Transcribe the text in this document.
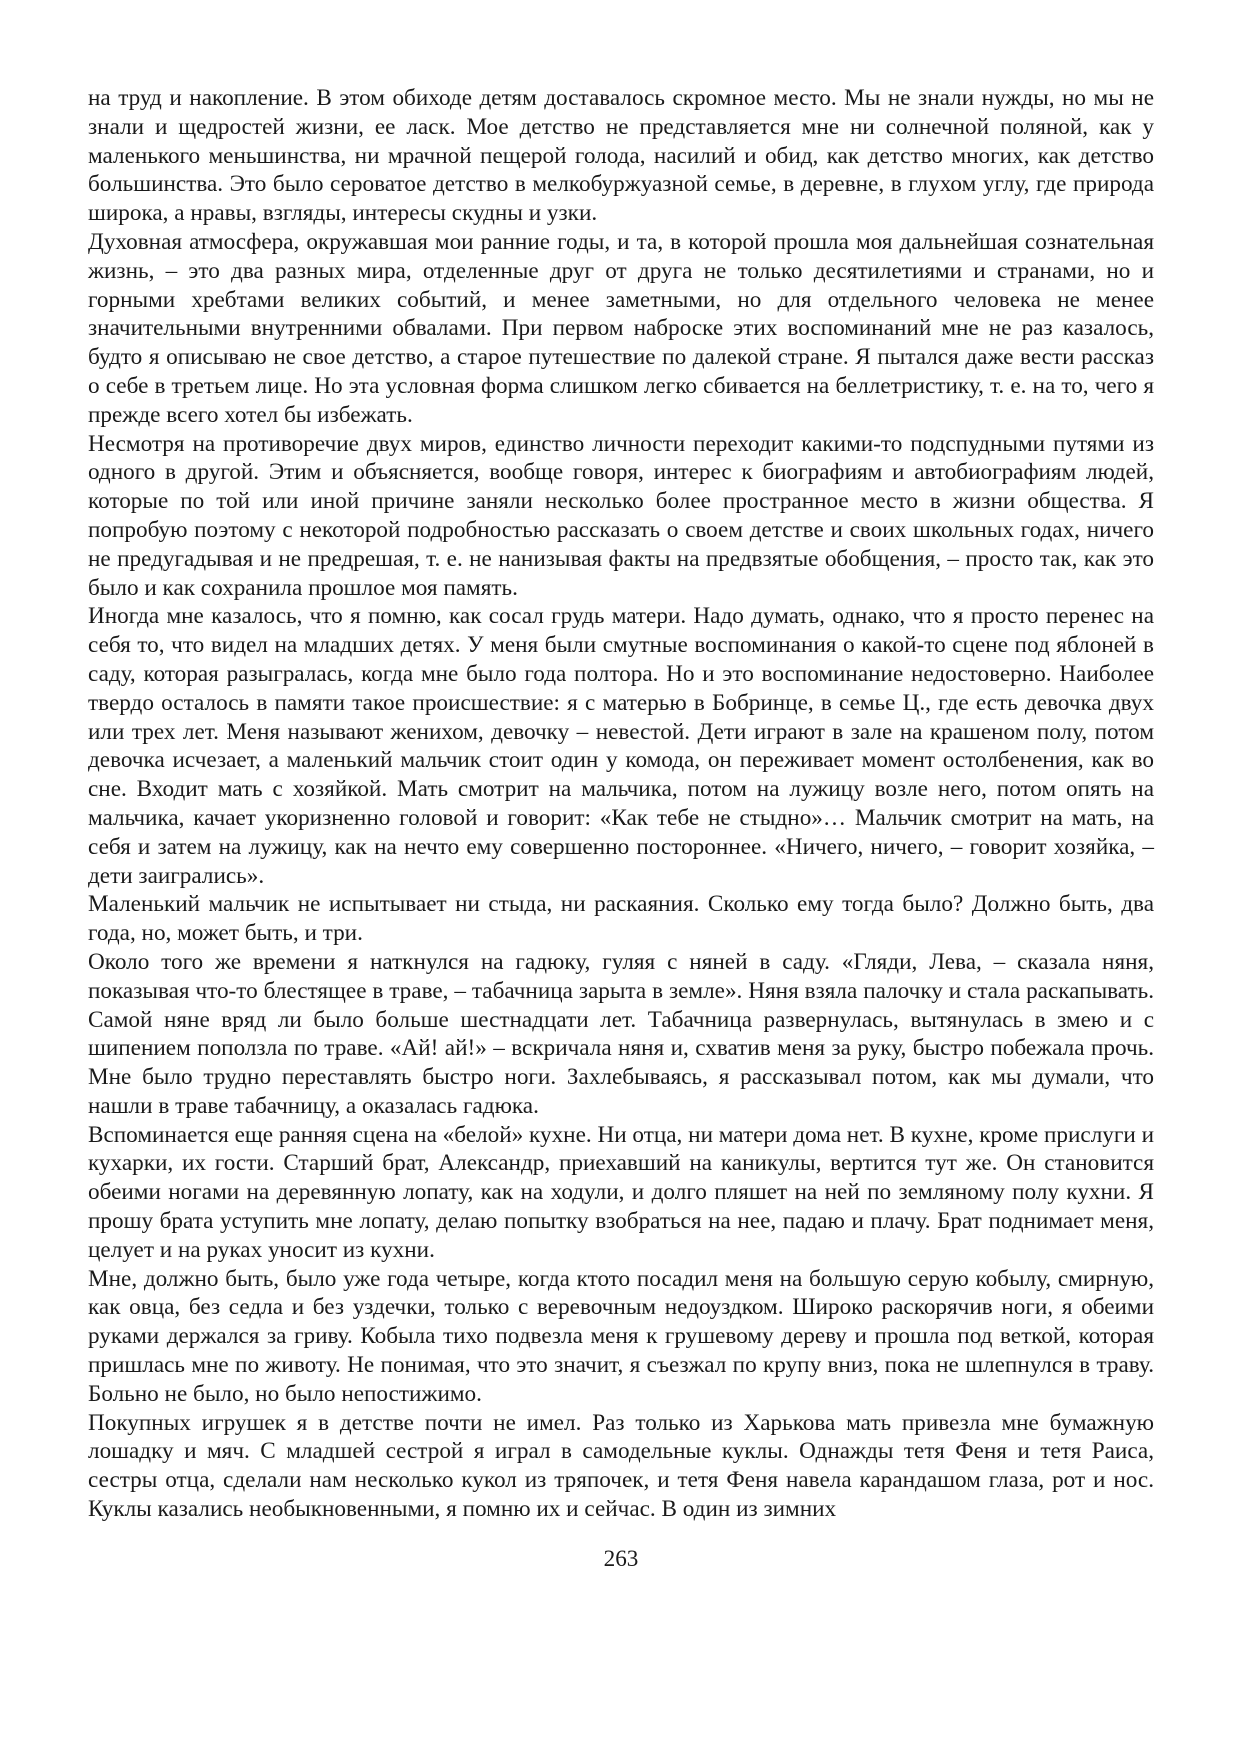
на труд и накопление. В этом обиходе детям доставалось скромное место. Мы не знали нужды, но мы не знали и щедростей жизни, ее ласк. Мое детство не представляется мне ни солнечной поляной, как у маленького меньшинства, ни мрачной пещерой голода, насилий и обид, как детство многих, как детство большинства. Это было сероватое детство в мелкобуржуазной семье, в деревне, в глухом углу, где природа широка, а нравы, взгляды, интересы скудны и узки.

Духовная атмосфера, окружавшая мои ранние годы, и та, в которой прошла моя дальнейшая сознательная жизнь, – это два разных мира, отделенные друг от друга не только десятилетиями и странами, но и горными хребтами великих событий, и менее заметными, но для отдельного человека не менее значительными внутренними обвалами. При первом наброске этих воспоминаний мне не раз казалось, будто я описываю не свое детство, а старое путешествие по далекой стране. Я пытался даже вести рассказ о себе в третьем лице. Но эта условная форма слишком легко сбивается на беллетристику, т. е. на то, чего я прежде всего хотел бы избежать.

Несмотря на противоречие двух миров, единство личности переходит какими-то подспудными путями из одного в другой. Этим и объясняется, вообще говоря, интерес к биографиям и автобиографиям людей, которые по той или иной причине заняли несколько более пространное место в жизни общества. Я попробую поэтому с некоторой подробностью рассказать о своем детстве и своих школьных годах, ничего не предугадывая и не предрешая, т. е. не нанизывая факты на предвзятые обобщения, – просто так, как это было и как сохранила прошлое моя память.

Иногда мне казалось, что я помню, как сосал грудь матери. Надо думать, однако, что я просто перенес на себя то, что видел на младших детях. У меня были смутные воспоминания о какой-то сцене под яблоней в саду, которая разыгралась, когда мне было года полтора. Но и это воспоминание недостоверно. Наиболее твердо осталось в памяти такое происшествие: я с матерью в Бобринце, в семье Ц., где есть девочка двух или трех лет. Меня называют женихом, девочку – невестой. Дети играют в зале на крашеном полу, потом девочка исчезает, а маленький мальчик стоит один у комода, он переживает момент остолбенения, как во сне. Входит мать с хозяйкой. Мать смотрит на мальчика, потом на лужицу возле него, потом опять на мальчика, качает укоризненно головой и говорит: «Как тебе не стыдно»… Мальчик смотрит на мать, на себя и затем на лужицу, как на нечто ему совершенно постороннее. «Ничего, ничего, – говорит хозяйка, – дети заигрались».

Маленький мальчик не испытывает ни стыда, ни раскаяния. Сколько ему тогда было? Должно быть, два года, но, может быть, и три.

Около того же времени я наткнулся на гадюку, гуляя с няней в саду. «Гляди, Лева, – сказала няня, показывая что-то блестящее в траве, – табачница зарыта в земле». Няня взяла палочку и стала раскапывать. Самой няне вряд ли было больше шестнадцати лет. Табачница развернулась, вытянулась в змею и с шипением поползла по траве. «Ай! ай!» – вскричала няня и, схватив меня за руку, быстро побежала прочь. Мне было трудно переставлять быстро ноги. Захлебываясь, я рассказывал потом, как мы думали, что нашли в траве табачницу, а оказалась гадюка.

Вспоминается еще ранняя сцена на «белой» кухне. Ни отца, ни матери дома нет. В кухне, кроме прислуги и кухарки, их гости. Старший брат, Александр, приехавший на каникулы, вертится тут же. Он становится обеими ногами на деревянную лопату, как на ходули, и долго пляшет на ней по земляному полу кухни. Я прошу брата уступить мне лопату, делаю попытку взобраться на нее, падаю и плачу. Брат поднимает меня, целует и на руках уносит из кухни.

Мне, должно быть, было уже года четыре, когда ктото посадил меня на большую серую кобылу, смирную, как овца, без седла и без уздечки, только с веревочным недоуздком. Широко раскорячив ноги, я обеими руками держался за гриву. Кобыла тихо подвезла меня к грушевому дереву и прошла под веткой, которая пришлась мне по животу. Не понимая, что это значит, я съезжал по крупу вниз, пока не шлепнулся в траву. Больно не было, но было непостижимо.

Покупных игрушек я в детстве почти не имел. Раз только из Харькова мать привезла мне бумажную лошадку и мяч. С младшей сестрой я играл в самодельные куклы. Однажды тетя Феня и тетя Раиса, сестры отца, сделали нам несколько кукол из тряпочек, и тетя Феня навела карандашом глаза, рот и нос. Куклы казались необыкновенными, я помню их и сейчас. В один из зимних

263
